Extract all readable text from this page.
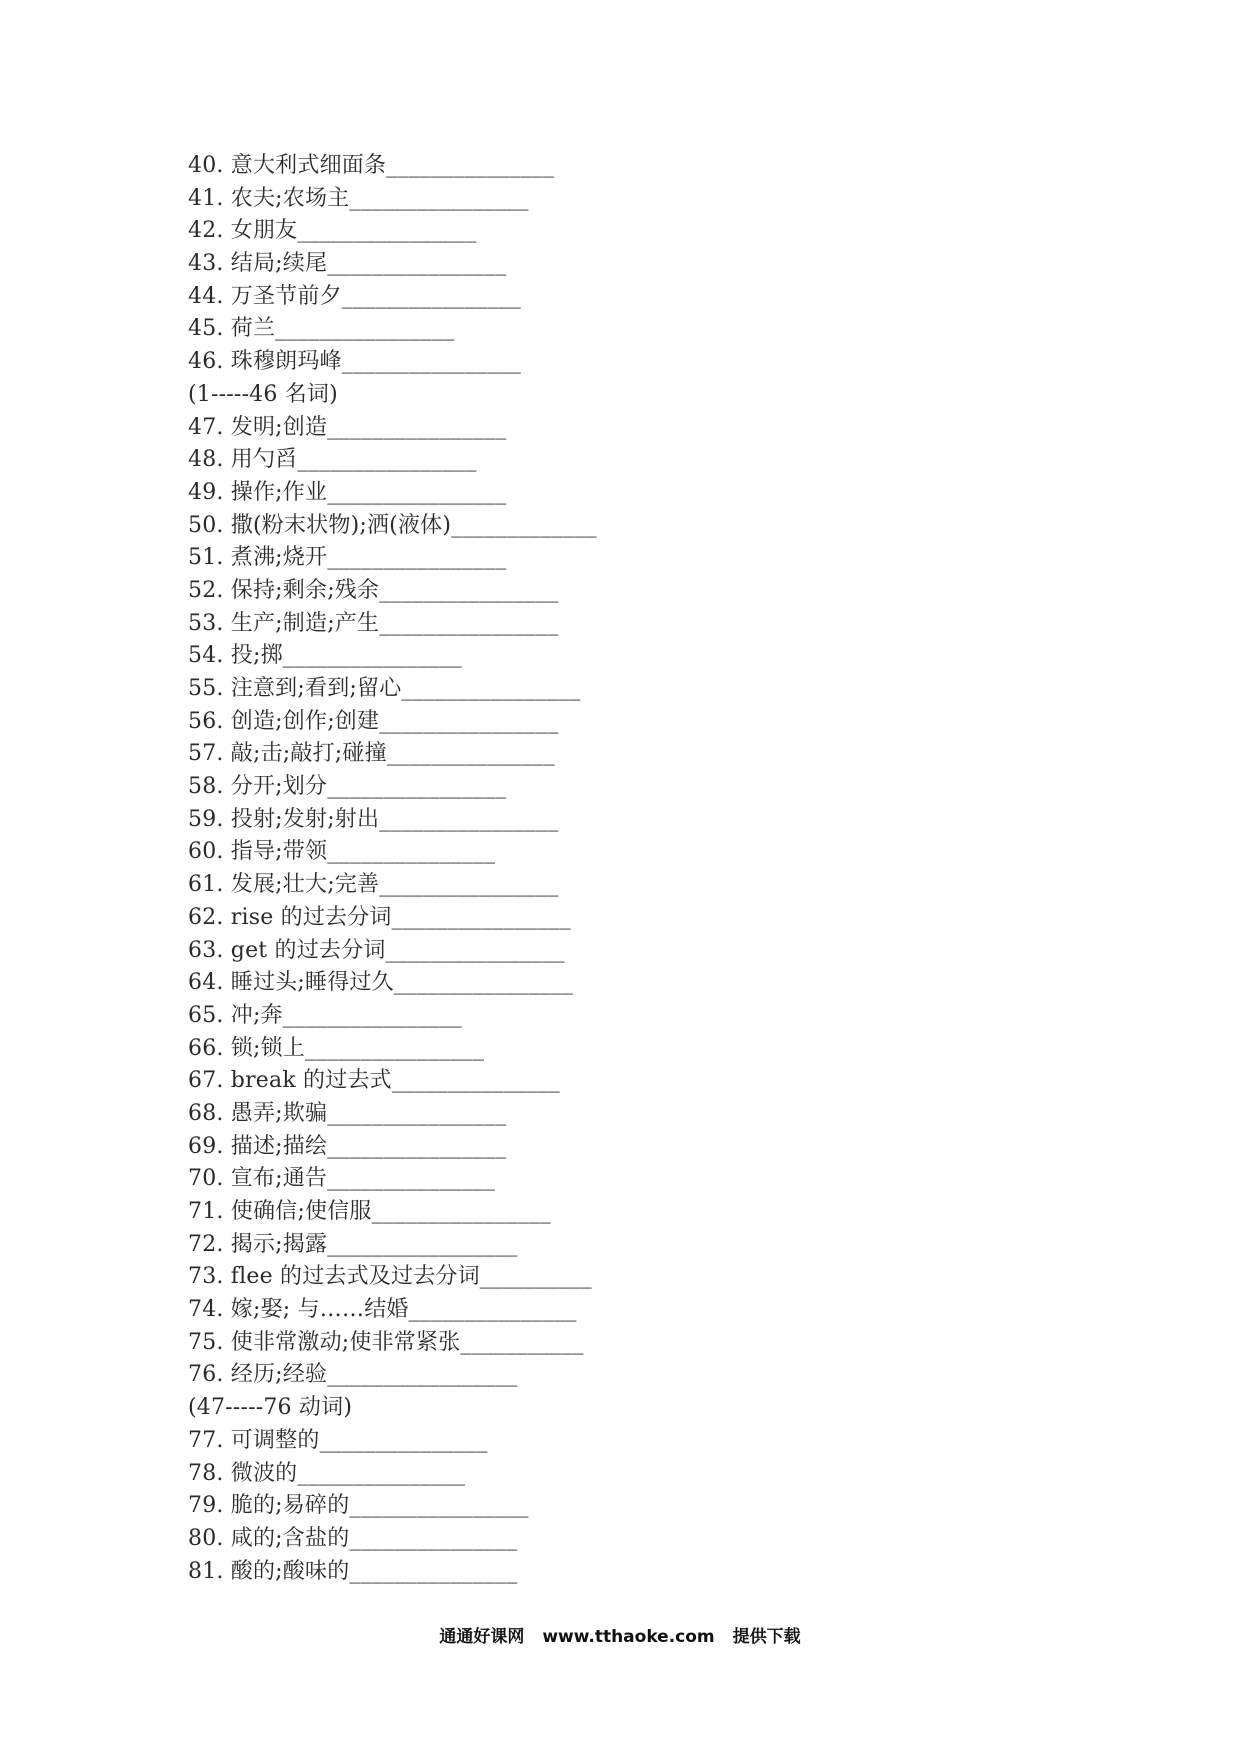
40. 意大利式细面条_______________
41. 农夫;农场主________________
42. 女朋友________________
43. 结局;续尾________________
44. 万圣节前夕________________
45. 荷兰________________
46. 珠穆朗玛峰________________
(1-----46 名词)
47. 发明;创造________________
48. 用勺舀________________
49. 操作;作业________________
50. 撒(粉末状物);洒(液体)_____________
51. 煮沸;烧开________________
52. 保持;剩余;残余________________
53. 生产;制造;产生________________
54. 投;掷________________
55. 注意到;看到;留心________________
56. 创造;创作;创建________________
57. 敲;击;敲打;碰撞_______________
58. 分开;划分________________
59. 投射;发射;射出________________
60. 指导;带领_______________
61. 发展;壮大;完善________________
62. rise 的过去分词________________
63. get 的过去分词________________
64. 睡过头;睡得过久________________
65. 冲;奔________________
66. 锁;锁上________________
67. break 的过去式_______________
68. 愚弄;欺骗________________
69. 描述;描绘________________
70. 宣布;通告_______________
71. 使确信;使信服________________
72. 揭示;揭露_________________
73. flee 的过去式及过去分词__________
74. 嫁;娶; 与……结婚_______________
75. 使非常激动;使非常紧张___________
76. 经历;经验_________________
(47-----76 动词)
77. 可调整的_______________
78. 微波的_______________
79. 脆的;易碎的________________
80. 咸的;含盐的_______________
81. 酸的;酸味的_______________
通通好课网 www.tthaoke.com 提供下载
